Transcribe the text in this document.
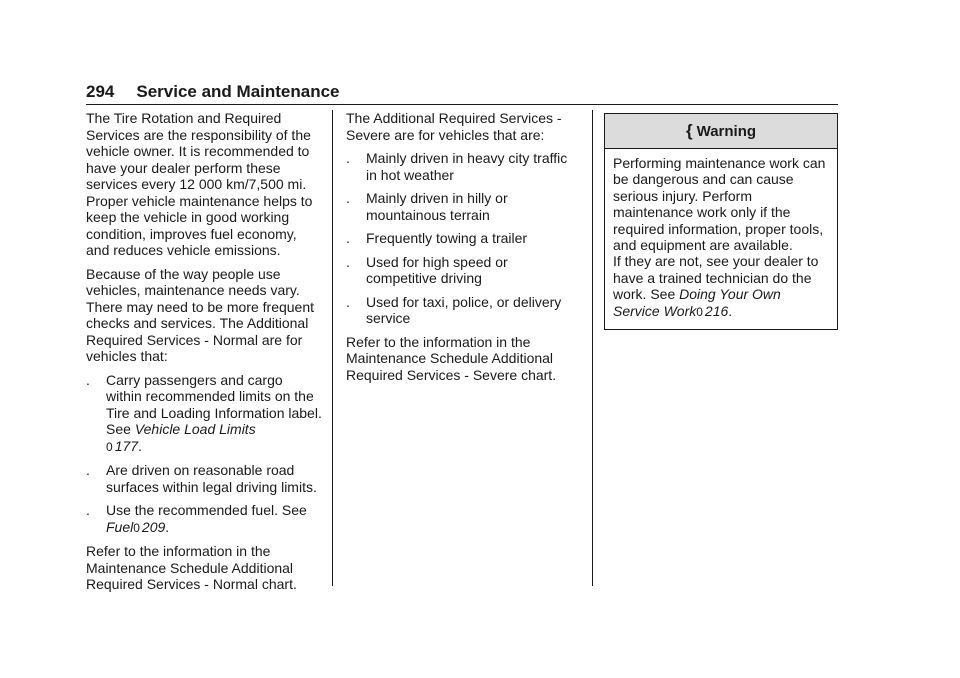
294 Service and Maintenance

The Tire Rotation and Required Services are the responsibility of the vehicle owner. It is recommended to have your dealer perform these services every 12 000 km/7,500 mi. Proper vehicle maintenance helps to keep the vehicle in good working condition, improves fuel economy, and reduces vehicle emissions.

Because of the way people use vehicles, maintenance needs vary. There may need to be more frequent checks and services. The Additional Required Services - Normal are for vehicles that:

. Carry passengers and cargo within recommended limits on the Tire and Loading Information label. See Vehicle Load Limits
0 177.
. Are driven on reasonable road surfaces within legal driving limits.
. Use the recommended fuel. See
Fuel0 209.

Refer to the information in the Maintenance Schedule Additional Required Services - Normal chart.

The Additional Required Services - Severe are for vehicles that are:

. Mainly driven in heavy city traffic in hot weather
. Mainly driven in hilly or mountainous terrain
. Frequently towing a trailer
. Used for high speed or competitive driving
. Used for taxi, police, or delivery service

Refer to the information in the Maintenance Schedule Additional Required Services - Severe chart.

{ Warning

Performing maintenance work can be dangerous and can cause serious injury. Perform maintenance work only if the required information, proper tools, and equipment are available.

If they are not, see your dealer to have a trained technician do the work. See Doing Your Own Service Work0 216.
